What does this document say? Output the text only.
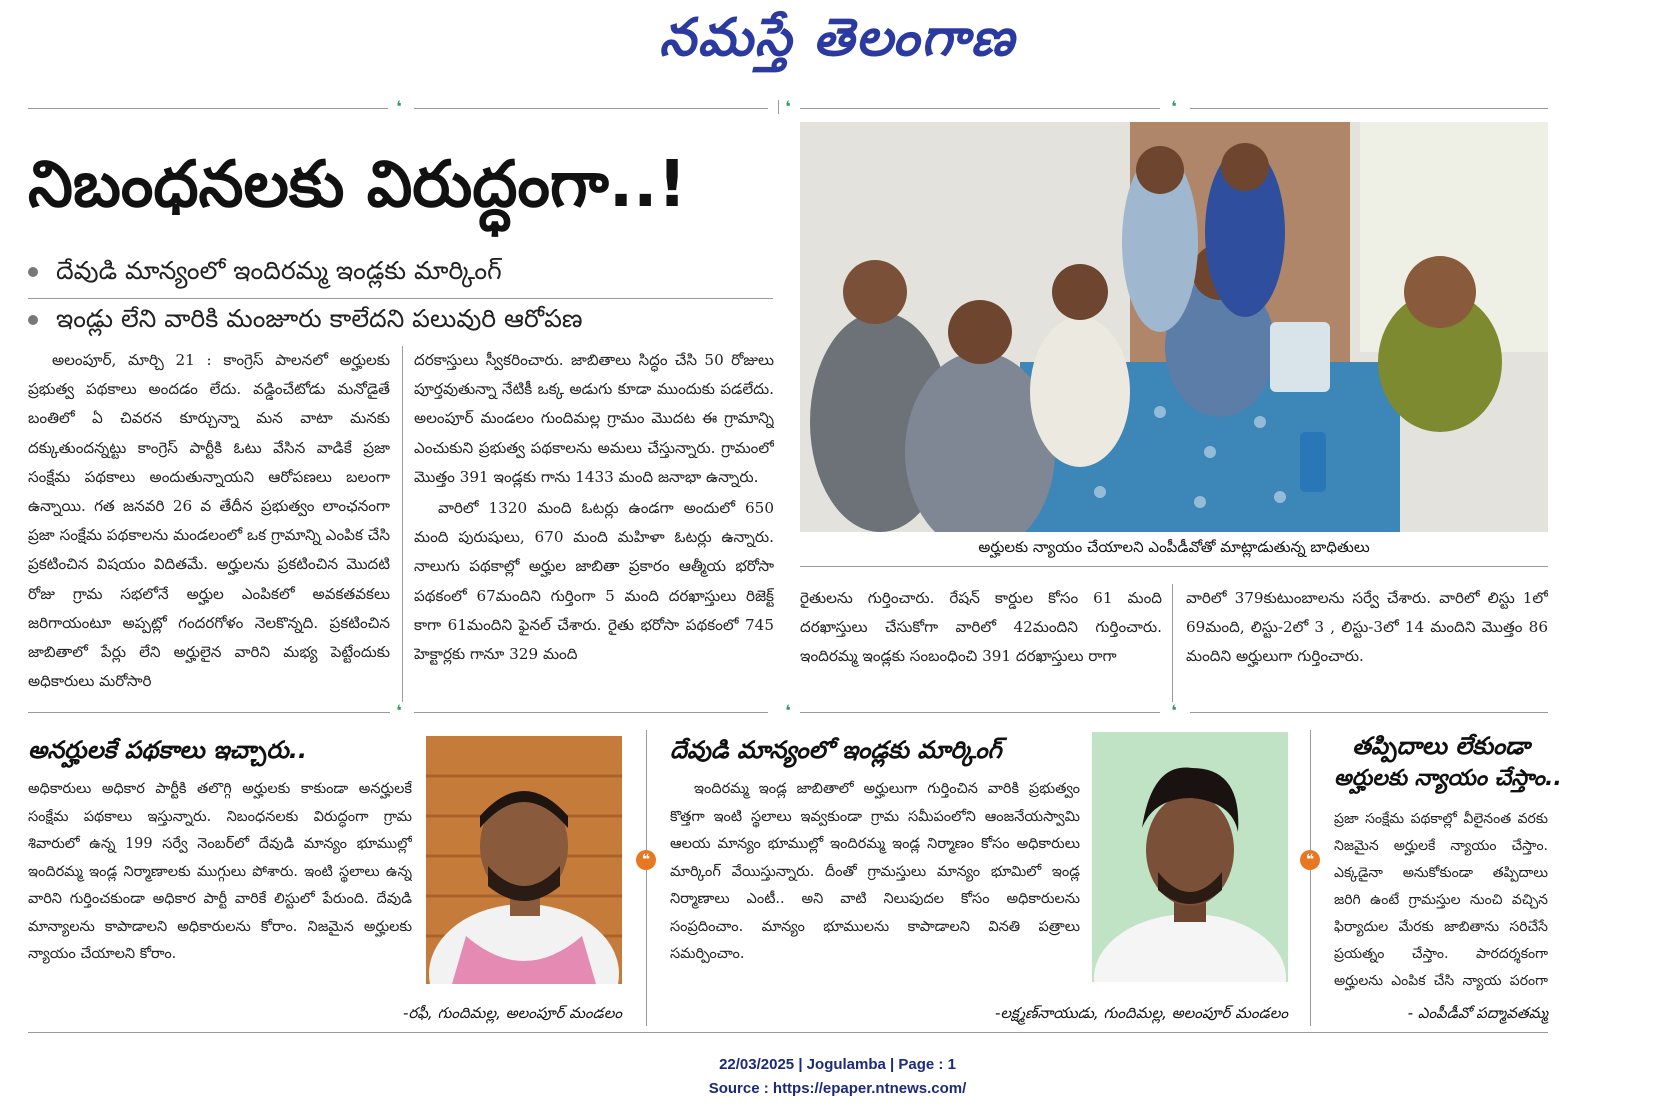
నమస్తే తెలంగాణ
❛	❛	❛
నిబంధనలకు విరుద్ధంగా..!
దేవుడి మాన్యంలో ఇందిరమ్మ ఇండ్లకు మార్కింగ్
ఇండ్లు లేని వారికి మంజూరు కాలేదని పలువురి ఆరోపణ
అర్హులకు న్యాయం చేయాలని ఎంపీడీవోతో మాట్లాడుతున్న బాధితులు

అలంపూర్, మార్చి 21 : కాంగ్రెస్ పాలనలో అర్హులకు ప్రభుత్వ పథకాలు అందడం లేదు. వడ్డించేటోడు మనోడైతే బంతిలో ఏ చివరన కూర్చున్నా మన వాటా మనకు దక్కుతుందన్నట్టు కాంగ్రెస్ పార్టీకి ఓటు వేసిన వాడికే ప్రజా సంక్షేమ పథకాలు అందుతున్నాయని ఆరోపణలు బలంగా ఉన్నాయి. గత జనవరి 26 వ తేదీన ప్రభుత్వం లాంఛనంగా ప్రజా సంక్షేమ పథకాలను మండలంలో ఒక గ్రామాన్ని ఎంపిక చేసి ప్రకటించిన విషయం విదితమే. అర్హులను ప్రకటించిన మొదటి రోజు గ్రామ సభలోనే అర్హుల ఎంపికలో అవకతవకలు జరిగాయంటూ అప్పట్లో గందరగోళం నెలకొన్నది. ప్రకటించిన జాబితాలో పేర్లు లేని అర్హులైన వారిని మభ్య పెట్టేందుకు అధికారులు మరోసారి

దరకాస్తులు స్వీకరించారు. జాబితాలు సిద్ధం చేసి 50 రోజులు పూర్తవుతున్నా నేటికీ ఒక్క అడుగు కూడా ముందుకు పడలేదు. అలంపూర్ మండలం గుందిమల్ల గ్రామం మొదట ఈ గ్రామాన్ని ఎంచుకుని ప్రభుత్వ పథకాలను అమలు చేస్తున్నారు. గ్రామంలో మొత్తం 391 ఇండ్లకు గాను 1433 మంది జనాభా ఉన్నారు.

వారిలో 1320 మంది ఓటర్లు ఉండగా అందులో 650 మంది పురుషులు, 670 మంది మహిళా ఓటర్లు ఉన్నారు. నాలుగు పథకాల్లో అర్హుల జాబితా ప్రకారం ఆత్మీయ భరోసా పథకంలో 67మందిని గుర్తింగా 5 మంది దరఖాస్తులు రిజెక్ట్ కాగా 61మందిని ఫైనల్ చేశారు. రైతు భరోసా పథకంలో 745 హెక్టార్లకు గానూ 329 మంది

రైతులను గుర్తించారు. రేషన్ కార్డుల కోసం 61 మంది దరఖాస్తులు చేసుకోగా వారిలో 42మందిని గుర్తించారు. ఇందిరమ్మ ఇండ్లకు సంబంధించి 391 దరఖాస్తులు రాగా

వారిలో 379కుటుంబాలను సర్వే చేశారు. వారిలో లిస్టు 1లో 69మంది, లిస్టు-2లో 3 , లిస్టు-3లో 14 మందిని మొత్తం 86 మందిని అర్హులుగా గుర్తించారు.

❛	❛	❛
అనర్హులకే పథకాలు ఇచ్చారు..

అధికారులు అధికార పార్టీకి తలొగ్గి అర్హులకు కాకుండా అనర్హులకే సంక్షేమ పథకాలు ఇస్తున్నారు. నిబంధనలకు విరుద్ధంగా గ్రామ శివారులో ఉన్న 199 సర్వే నెంబర్‌లో దేవుడి మాన్యం భూముల్లో ఇందిరమ్మ ఇండ్ల నిర్మాణాలకు ముగ్గులు పోశారు. ఇంటి స్థలాలు ఉన్న వారిని గుర్తించకుండా అధికార పార్టీ వారికే లిస్టులో పేరుంది. దేవుడి మాన్యాలను కాపాడాలని అధికారులను కోరాం. నిజమైన అర్హులకు న్యాయం చేయాలని కోరాం.

-రఫీ, గుందిమల్ల, అలంపూర్ మండలం
❝
దేవుడి మాన్యంలో ఇండ్లకు మార్కింగ్

ఇందిరమ్మ ఇండ్ల జాబితాలో అర్హులుగా గుర్తించిన వారికి ప్రభుత్వం కొత్తగా ఇంటి స్థలాలు ఇవ్వకుండా గ్రామ సమీపంలోని ఆంజనేయస్వామి ఆలయ మాన్యం భూముల్లో ఇందిరమ్మ ఇండ్ల నిర్మాణం కోసం అధికారులు మార్కింగ్ వేయిస్తున్నారు. దీంతో గ్రామస్తులు మాన్యం భూమిలో ఇండ్ల నిర్మాణాలు ఎంటీ.. అని వాటి నిలుపుదల కోసం అధికారులను సంప్రదించాం. మాన్యం భూములను కాపాడాలని వినతి పత్రాలు సమర్పించాం.

-లక్ష్మణ్‌నాయుడు, గుందిమల్ల, అలంపూర్ మండలం
❝
తప్పిదాలు లేకుండా
అర్హులకు న్యాయం చేస్తాం..

ప్రజా సంక్షేమ పథకాల్లో వీలైనంత వరకు నిజమైన అర్హులకే న్యాయం చేస్తాం. ఎక్కడైనా అనుకోకుండా తప్పిదాలు జరిగి ఉంటే గ్రామస్తుల నుంచి వచ్చిన ఫిర్యాదుల మేరకు జాబితాను సరిచేసే ప్రయత్నం చేస్తాం. పారదర్శకంగా అర్హులను ఎంపిక చేసి న్యాయ పరంగా

- ఎంపీడీవో పద్మావతమ్మ
22/03/2025 | Jogulamba | Page : 1
Source : https://epaper.ntnews.com/
